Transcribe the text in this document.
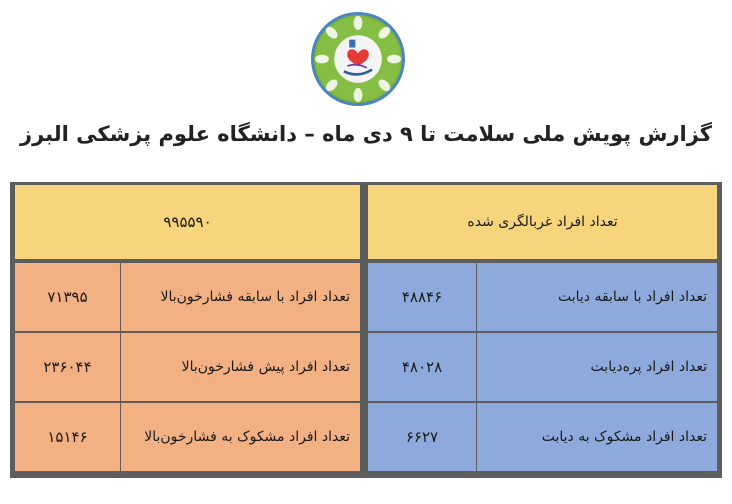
گزارش پویش ملی سلامت تا ۹ دی ماه – دانشگاه علوم پزشکی البرز
تعداد افراد غربالگری شده
۹۹۵۵۹۰
تعداد افراد با سابقه دیابت
۴۸۸۴۶
تعداد افراد پره‌دیابت
۴۸۰۲۸
تعداد افراد مشکوک به دیابت
۶۶۲۷
تعداد افراد با سابقه فشارخون‌بالا
۷۱۳۹۵
تعداد افراد پیش فشارخون‌بالا
۲۳۶۰۴۴
تعداد افراد مشکوک به فشارخون‌بالا
۱۵۱۴۶
